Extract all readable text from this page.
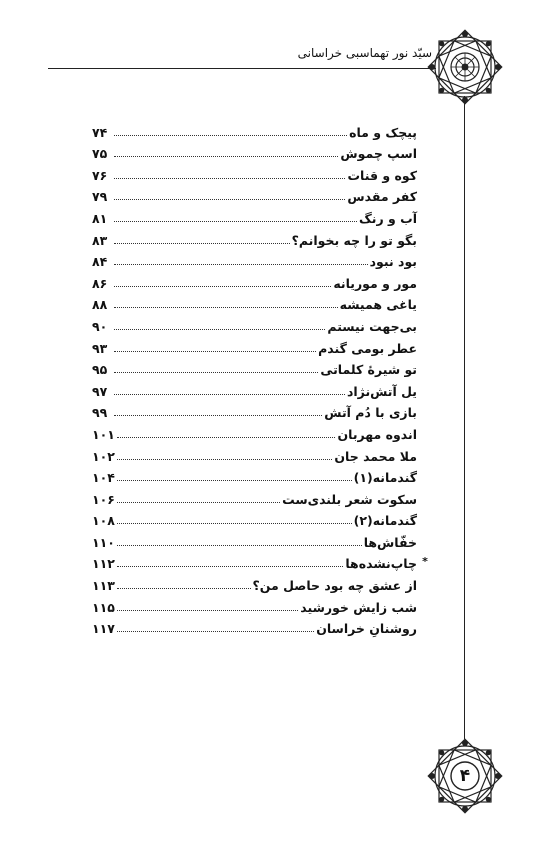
سیّد نور تهماسبی خراسانی
۴
پیچک و ماه
۷۴
اسپ چموش
۷۵
کوه و قنات
۷۶
کفر مقدس
۷۹
آب و رنگ
۸۱
بگو تو را چه بخوانم؟
۸۳
بود نبود
۸۴
مور و موریانه
۸۶
یاغی همیشه
۸۸
بی‌جهت نیستم
۹۰
عطر بومی گندم
۹۳
تو شیرهٔ کلماتی
۹۵
یل آتش‌نژاد
۹۷
بازی با دُم آتش
۹۹
اندوه مهربان
۱۰۱
ملا محمد جان
۱۰۲
گندمانه(۱)
۱۰۴
سکوت شعر بلندی‌ست
۱۰۶
گندمانه(۲)
۱۰۸
خفّاش‌ها
۱۱۰
چاپ‌نشده‌ها
۱۱۲
از عشق چه بود حاصل من؟
۱۱۳
شب زایش خورشید
۱۱۵
روشنانِ خراسان
۱۱۷
*
